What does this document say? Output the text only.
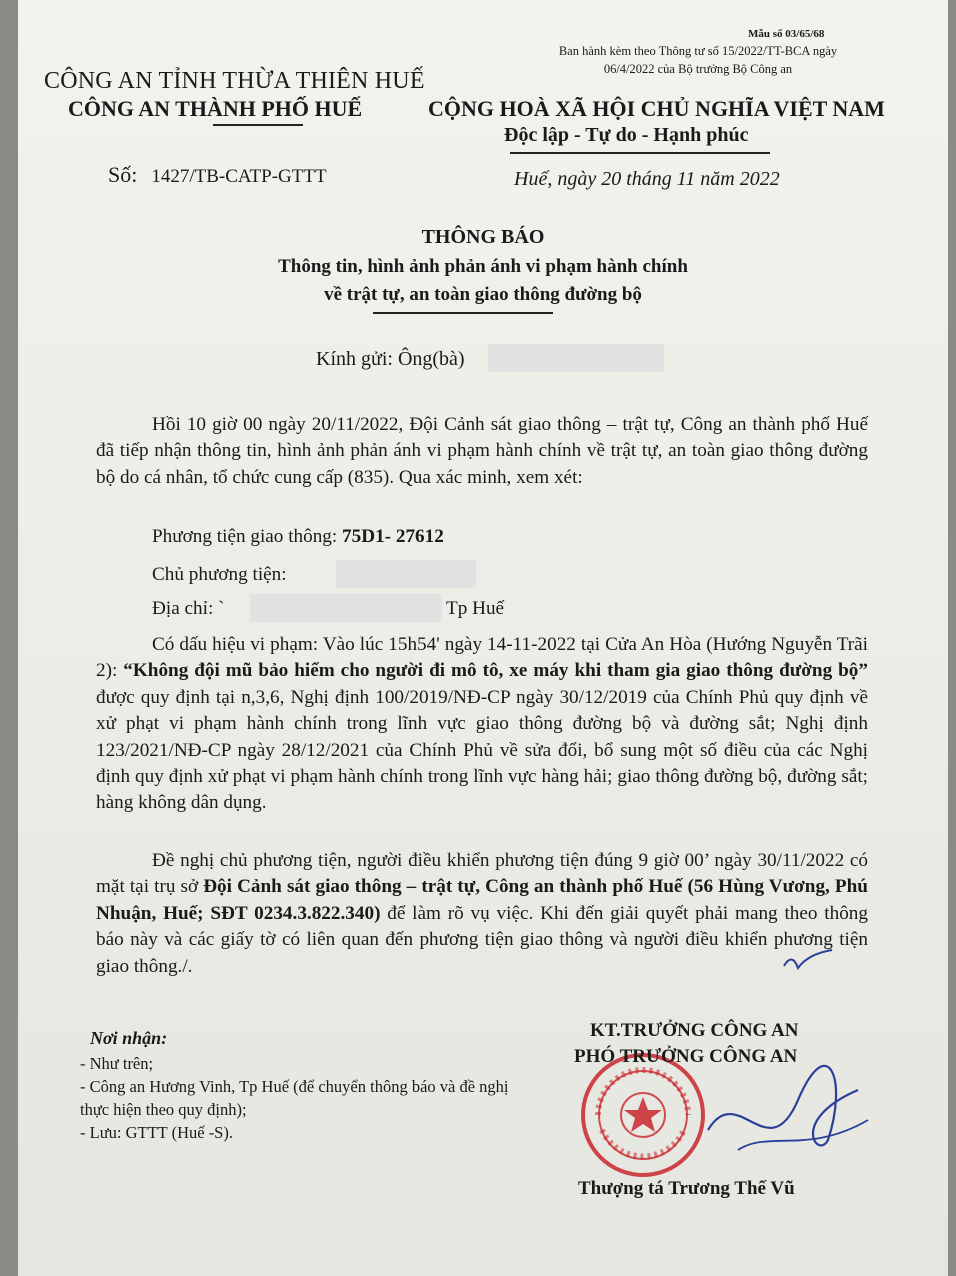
Mẫu số 03/65/68
Ban hành kèm theo Thông tư số 15/2022/TT-BCA ngày 06/4/2022 của Bộ trưởng Bộ Công an
CÔNG AN TỈNH THỪA THIÊN HUẾ
CÔNG AN THÀNH PHỐ HUẾ	CỘNG HOÀ XÃ HỘI CHỦ NGHĨA VIỆT NAM
Độc lập - Tự do - Hạnh phúc
Số: 1427/TB-CATP-GTTT	Huế, ngày 20 tháng 11 năm 2022
THÔNG BÁO
Thông tin, hình ảnh phản ánh vi phạm hành chính
về trật tự, an toàn giao thông đường bộ
Kính gửi: Ông(bà)

Hồi 10 giờ 00 ngày 20/11/2022, Đội Cảnh sát giao thông – trật tự, Công an thành phố Huế đã tiếp nhận thông tin, hình ảnh phản ánh vi phạm hành chính về trật tự, an toàn giao thông đường bộ do cá nhân, tổ chức cung cấp (835). Qua xác minh, xem xét:

Phương tiện giao thông: 75D1- 27612
Chủ phương tiện:
Địa chỉ: `	Tp Huế

Có dấu hiệu vi phạm: Vào lúc 15h54' ngày 14-11-2022 tại Cửa An Hòa (Hướng Nguyễn Trãi 2): “Không đội mũ bảo hiểm cho người đi mô tô, xe máy khi tham gia giao thông đường bộ” được quy định tại n,3,6, Nghị định 100/2019/NĐ-CP ngày 30/12/2019 của Chính Phủ quy định về xử phạt vi phạm hành chính trong lĩnh vực giao thông đường bộ và đường sắt; Nghị định 123/2021/NĐ-CP ngày 28/12/2021 của Chính Phủ về sửa đổi, bổ sung một số điều của các Nghị định quy định xử phạt vi phạm hành chính trong lĩnh vực hàng hải; giao thông đường bộ, đường sắt; hàng không dân dụng.

Đề nghị chủ phương tiện, người điều khiển phương tiện đúng 9 giờ 00’ ngày 30/11/2022 có mặt tại trụ sở Đội Cảnh sát giao thông – trật tự, Công an thành phố Huế (56 Hùng Vương, Phú Nhuận, Huế; SĐT 0234.3.822.340) để làm rõ vụ việc. Khi đến giải quyết phải mang theo thông báo này và các giấy tờ có liên quan đến phương tiện giao thông và người điều khiển phương tiện giao thông./.

Nơi nhận:
- Như trên;
- Công an Hương Vinh, Tp Huế (để chuyển thông báo và đề nghị thực hiện theo quy định);
- Lưu: GTTT (Huế -S).
KT.TRƯỞNG CÔNG AN
PHÓ TRƯỞNG CÔNG AN
Thượng tá Trương Thế Vũ
